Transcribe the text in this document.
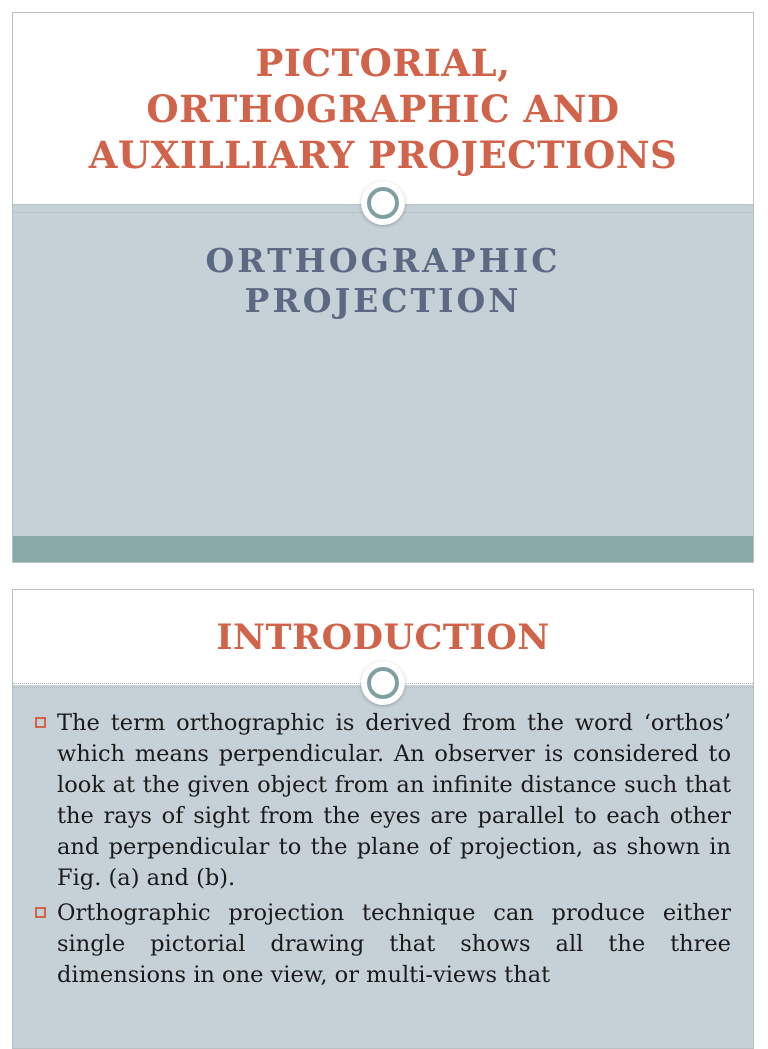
PICTORIAL,
ORTHOGRAPHIC AND
AUXILLIARY PROJECTIONS
ORTHOGRAPHIC
PROJECTION
INTRODUCTION
The term orthographic is derived from the word ‘orthos’ which means perpendicular. An observer is considered to look at the given object from an infinite distance such that the rays of sight from the eyes are parallel to each other and perpendicular to the plane of projection, as shown in Fig. (a) and (b).
Orthographic projection technique can produce either single pictorial drawing that shows all the three dimensions in one view, or multi-views that
